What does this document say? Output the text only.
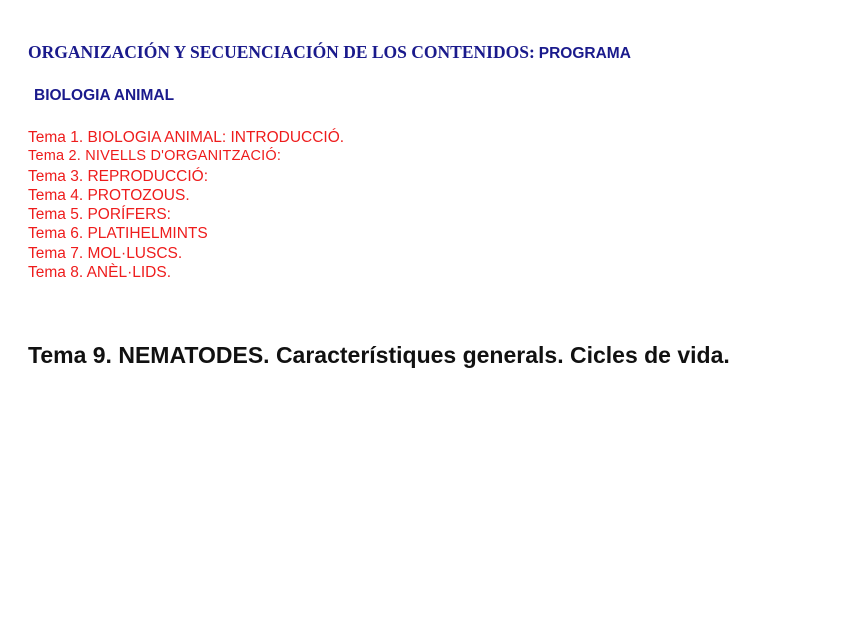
ORGANIZACIÓN Y SECUENCIACIÓN DE LOS CONTENIDOS: PROGRAMA
BIOLOGIA ANIMAL
Tema 1. BIOLOGIA ANIMAL: INTRODUCCIÓ.
Tema 2. NIVELLS D'ORGANITZACIÓ:
Tema 3. REPRODUCCIÓ:
Tema 4. PROTOZOUS.
Tema 5. PORÍFERS:
Tema 6. PLATIHELMINTS
Tema 7. MOL·LUSCS.
Tema 8. ANÈL·LIDS.
Tema 9. NEMATODES. Característiques generals. Cicles de vida.
